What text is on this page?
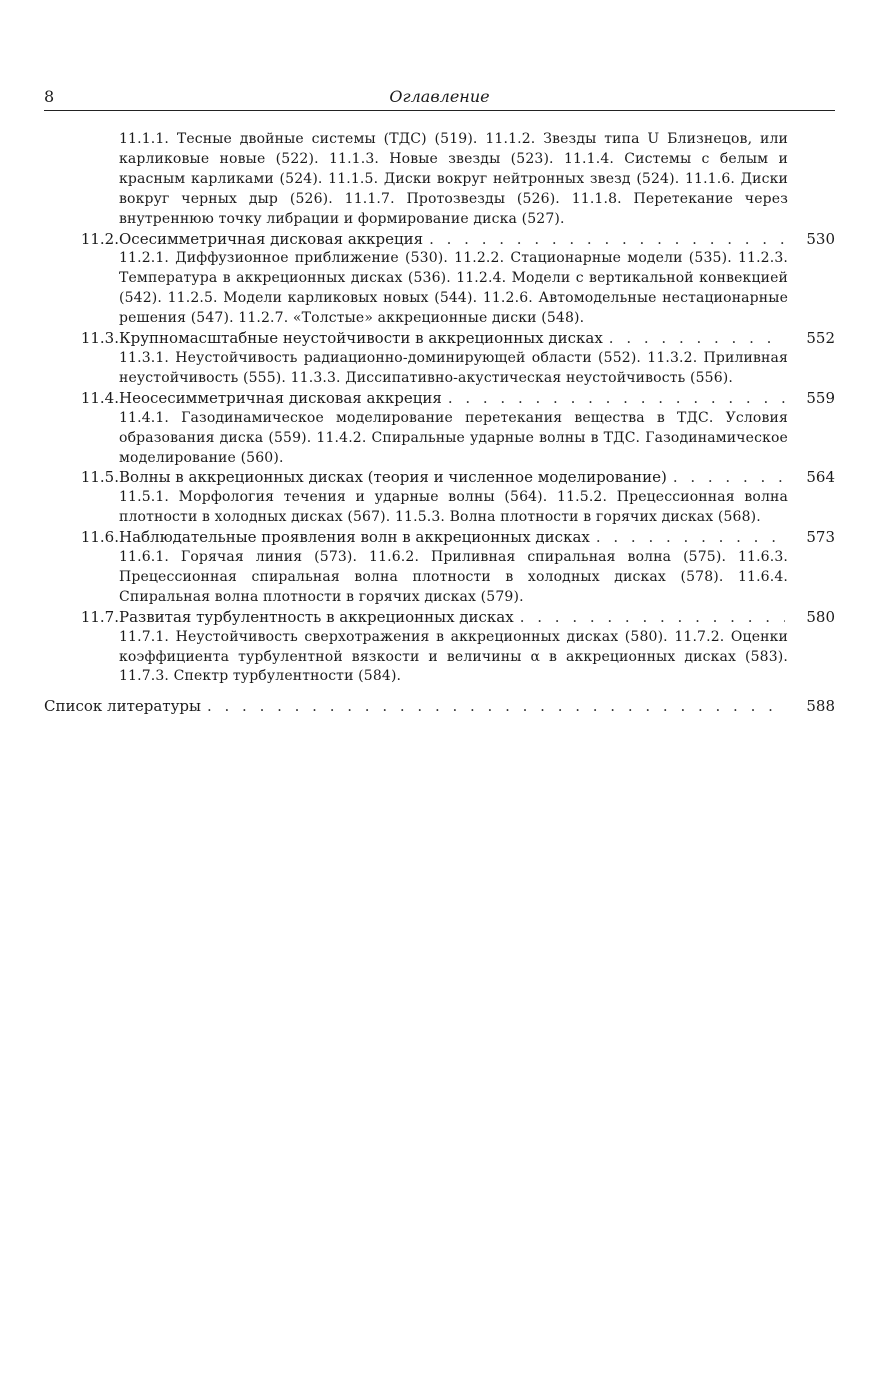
8	Оглавление
11.1.1. Тесные двойные системы (ТДС) (519). 11.1.2. Звезды типа U Близнецов, или карликовые новые (522). 11.1.3. Новые звезды (523). 11.1.4. Системы с белым и красным карликами (524). 11.1.5. Диски вокруг нейтронных звезд (524). 11.1.6. Диски вокруг черных дыр (526). 11.1.7. Протозвезды (526). 11.1.8. Перетекание через внутреннюю точку либрации и формирование диска (527).
11.2. Осесимметричная дисковая аккреция . . .	530
11.2.1. Диффузионное приближение (530). 11.2.2. Стационарные модели (535). 11.2.3. Температура в аккреционных дисках (536). 11.2.4. Модели с вертикальной конвекцией (542). 11.2.5. Модели карликовых новых (544). 11.2.6. Автомодельные нестационарные решения (547). 11.2.7. «Толстые» аккреционные диски (548).
11.3. Крупномасштабные неустойчивости в аккреционных дисках . . .	552
11.3.1. Неустойчивость радиационно-доминирующей области (552). 11.3.2. Приливная неустойчивость (555). 11.3.3. Диссипативно-акустическая неустойчивость (556).
11.4. Неосесимметричная дисковая аккреция . . .	559
11.4.1. Газодинамическое моделирование перетекания вещества в ТДС. Условия образования диска (559). 11.4.2. Спиральные ударные волны в ТДС. Газодинамическое моделирование (560).
11.5. Волны в аккреционных дисках (теория и численное моделирование) . . .	564
11.5.1. Морфология течения и ударные волны (564). 11.5.2. Прецессионная волна плотности в холодных дисках (567). 11.5.3. Волна плотности в горячих дисках (568).
11.6. Наблюдательные проявления волн в аккреционных дисках . . .	573
11.6.1. Горячая линия (573). 11.6.2. Приливная спиральная волна (575). 11.6.3. Прецессионная спиральная волна плотности в холодных дисках (578). 11.6.4. Спиральная волна плотности в горячих дисках (579).
11.7. Развитая турбулентность в аккреционных дисках . . .	580
11.7.1. Неустойчивость сверхотражения в аккреционных дисках (580). 11.7.2. Оценки коэффициента турбулентной вязкости и величины α в аккреционных дисках (583). 11.7.3. Спектр турбулентности (584).
Список литературы . . .	588
